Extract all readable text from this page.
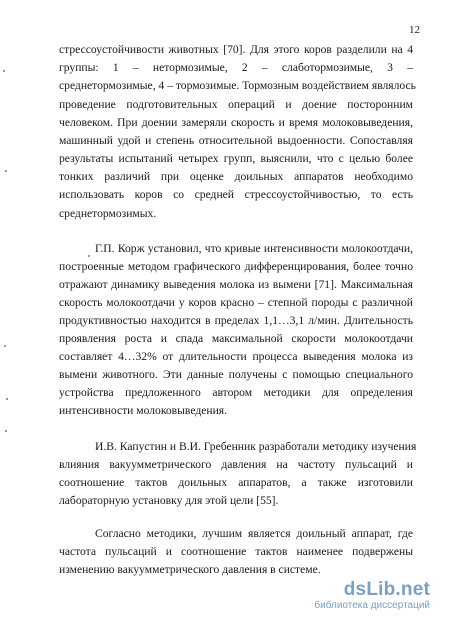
12
стрессоустойчивости животных [70]. Для этого коров разделили на 4
группы: 1 – нетормозимые, 2 – слаботормозимые, 3 –
среднетормозимые, 4 – тормозимые. Тормозным воздействием являлось
проведение подготовительных операций и доение посторонним
человеком. При доении замеряли скорость и время молоковыведения,
машинный удой и степень относительной выдоенности. Сопоставляя
результаты испытаний четырех групп, выяснили, что с целью более
тонких различий при оценке доильных аппаратов необходимо
использовать коров со средней стрессоустойчивостью, то есть
среднетормозимых.
Г.П. Корж установил, что кривые интенсивности молокоотдачи,
построенные методом графического дифференцирования, более точно
отражают динамику выведения молока из вымени [71]. Максимальная
скорость молокоотдачи у коров красно – степной породы с различной
продуктивностью находится в пределах 1,1…3,1 л/мин. Длительность
проявления роста и спада максимальной скорости молокоотдачи
составляет 4…32% от длительности процесса выведения молока из
вымени животного. Эти данные получены с помощью специального
устройства предложенного автором методики для определения
интенсивности молоковыведения.
И.В. Капустин и В.И. Гребенник разработали методику изучения
влияния вакуумметрического давления на частоту пульсаций и
соотношение тактов доильных аппаратов, а также изготовили
лабораторную установку для этой цели [55].
Согласно методики, лучшим является доильный аппарат, где
частота пульсаций и соотношение тактов наименее подвержены
изменению вакуумметрического давления в системе.
dsLib.net
библиотека диссертаций
